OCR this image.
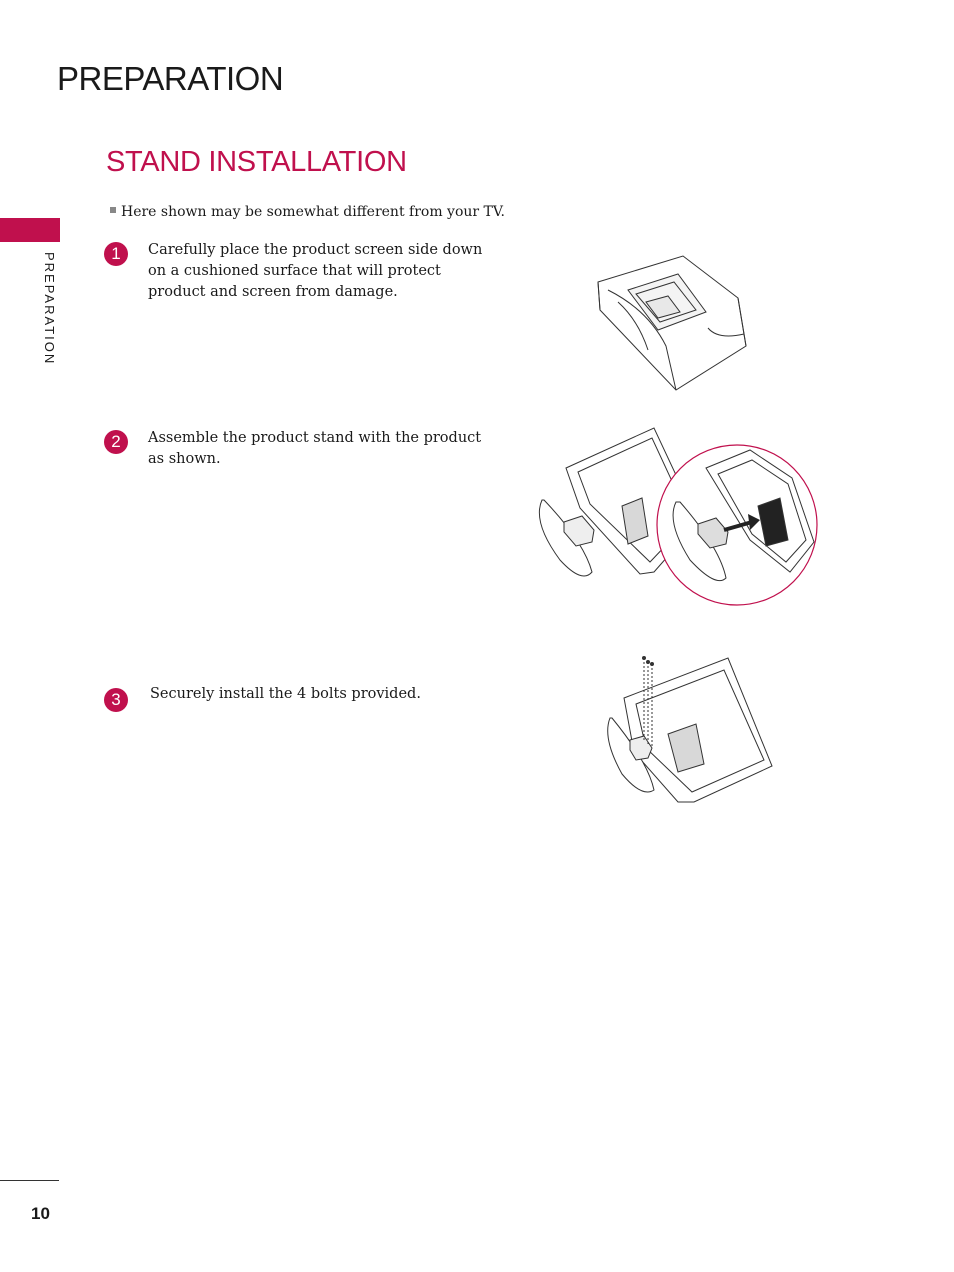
PREPARATION
PREPARATION
STAND INSTALLATION
Here shown may be somewhat different from your TV.
1	Carefully place the product screen side down on a cushioned surface that will protect product and screen from damage.
2	Assemble the product stand with the product as shown.
3	Securely install the 4 bolts provided.
10
